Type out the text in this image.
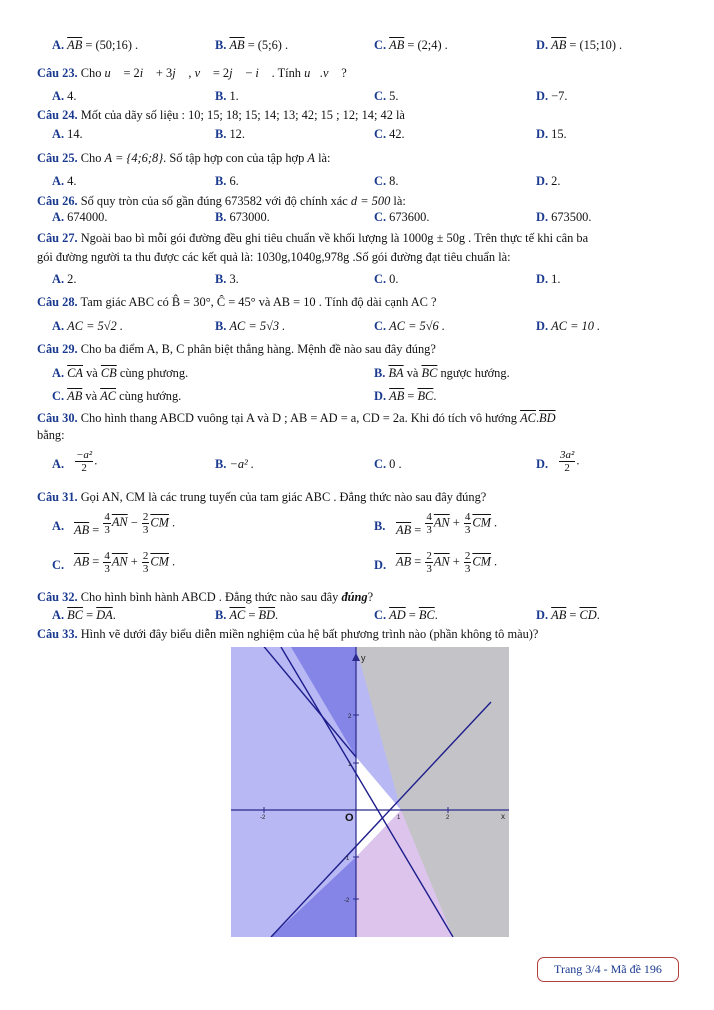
A. $\overline{AB}$ = (50;16) .	B. $\overline{AB}$ = (5;6) .	C. $\overline{AB}$ = (2;4) .	D. $\overline{AB}$ = (15;10) .
Câu 23. Cho u⃗ = 2i⃗ + 3j⃗ , v⃗ = 2j⃗ − i⃗ . Tính u⃗.v⃗ ?
A. 4.	B. 1.	C. 5.	D. −7.
Câu 24. Mốt của dãy số liệu : 10; 15; 18; 15; 14; 13; 42; 15 ; 12; 14; 42 là
A. 14.	B. 12.	C. 42.	D. 15.
Câu 25. Cho A = {4;6;8}. Số tập hợp con của tập hợp A là:
A. 4.	B. 6.	C. 8.	D. 2.
Câu 26. Số quy tròn của số gần đúng 673582 với độ chính xác d = 500 là:
A. 674000.	B. 673000.	C. 673600.	D. 673500.
Câu 27. Ngoài bao bì mỗi gói đường đều ghi tiêu chuẩn về khối lượng là 1000g ± 50g . Trên thực tế khi cân ba
gói đường người ta thu được các kết quả là: 1030g,1040g,978g .Số gói đường đạt tiêu chuẩn là:
A. 2.	B. 3.	C. 0.	D. 1.
Câu 28. Tam giác ABC có B̂ = 30°, Ĉ = 45° và AB = 10 . Tính độ dài cạnh AC ?
A. AC = 5√2 .	B. AC = 5√3 .	C. AC = 5√6 .	D. AC = 10 .
Câu 29. Cho ba điểm A, B, C phân biệt thẳng hàng. Mệnh đề nào sau đây đúng?
A. $\overline{CA}$ và $\overline{CB}$ cùng phương.	B. $\overline{BA}$ và $\overline{BC}$ ngược hướng.
C. $\overline{AB}$ và $\overline{AC}$ cùng hướng.	D. $\overline{AB} = \overline{BC}$.
Câu 30. Cho hình thang ABCD vuông tại A và D ; AB = AD = a, CD = 2a. Khi đó tích vô hướng $\overline{AC}.\overline{BD}$
bằng:
A. $\frac{\text{−a²}}{2}$ .	B. −a² .	C. 0 .	D. $\frac{\text{3a²}}{2}$ .
Câu 31. Gọi AN, CM là các trung tuyến của tam giác ABC . Đẳng thức nào sau đây đúng?
A. $\overline{AB} = \frac{4}{3} \overline{AN} - \frac{2}{3} \overline{CM}$ .	B. $\overline{AB} = \frac{4}{3} \overline{AN} + \frac{4}{3} \overline{CM}$ .
C. $\overline{AB} = \frac{4}{3} \overline{AN} + \frac{2}{3} \overline{CM}$ .	D. $\overline{AB} = \frac{2}{3} \overline{AN} + \frac{2}{3} \overline{CM}$ .
Câu 32. Cho hình bình hành ABCD . Đẳng thức nào sau đây đúng?
A. $\overline{BC} = \overline{DA}$.	B. $\overline{AC} = \overline{BD}$.	C. $\overline{AD} = \overline{BC}$.	D. $\overline{AB} = \overline{CD}$.
Câu 33. Hình vẽ dưới đây biểu diễn miền nghiệm của hệ bất phương trình nào (phần không tô màu)?
y
x
O
-2	1	2
2
1
-1
-2
Trang 3/4 - Mã đề 196
